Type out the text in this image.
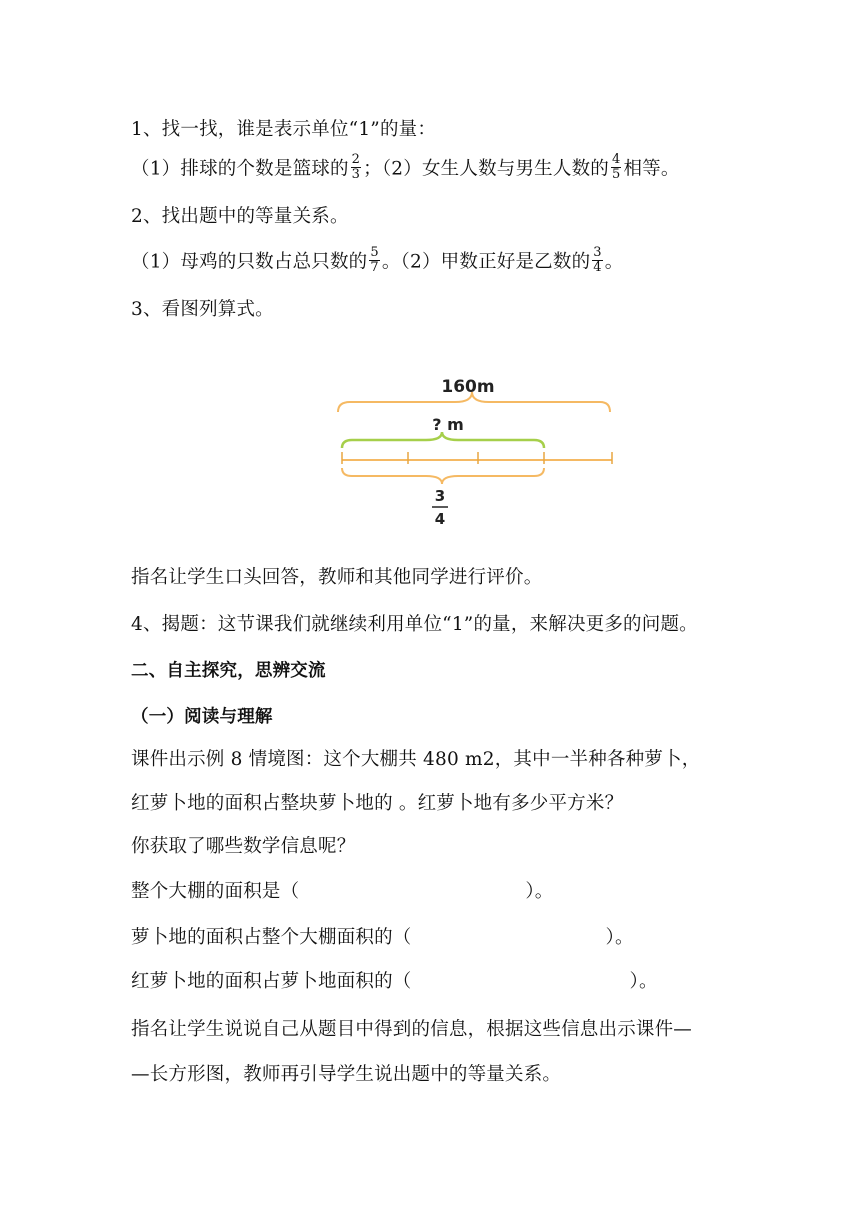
1、找一找，谁是表示单位“1”的量：
（1）排球的个数是篮球的 $\frac{2}{3}$ ；（2）女生人数与男生人数的 $\frac{4}{5}$ 相等。
2、找出题中的等量关系。
（1）母鸡的只数占总只数的 $\frac{5}{7}$ 。（2）甲数正好是乙数的 $\frac{3}{4}$ 。
3、看图列算式。
160m
? m
3
4
指名让学生口头回答，教师和其他同学进行评价。
4、揭题：这节课我们就继续利用单位“1”的量，来解决更多的问题。
二、自主探究，思辨交流
（一）阅读与理解
课件出示例 8 情境图：这个大棚共 480 m2，其中一半种各种萝卜，
红萝卜地的面积占整块萝卜地的 。红萝卜地有多少平方米？
你获取了哪些数学信息呢？
整个大棚的面积是（	）。
萝卜地的面积占整个大棚面积的（	）。
红萝卜地的面积占萝卜地面积的（	）。
指名让学生说说自己从题目中得到的信息，根据这些信息出示课件—
—长方形图，教师再引导学生说出题中的等量关系。
